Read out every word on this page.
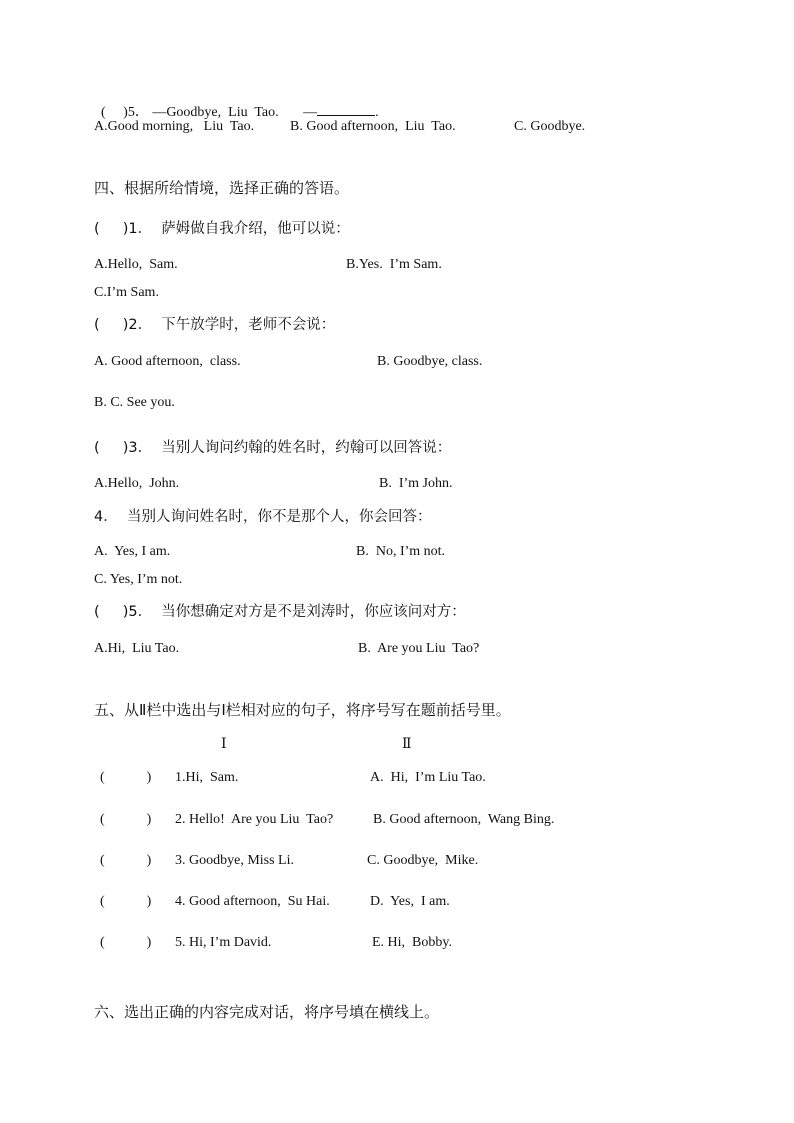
(     )5． —Goodbye,  Liu  Tao.       —	.

A.Good morning,   Liu  Tao.	B. Good afternoon,  Liu  Tao.	C. Goodbye.
四、根据所给情境，选择正确的答语。
(     )1．  萨姆做自我介绍，他可以说：
A.Hello,  Sam.	B.Yes.  I’m Sam.
C.I’m Sam.
(     )2．  下午放学时，老师不会说：
A. Good afternoon,  class.	B. Goodbye, class.
B. C. See you.
(     )3．  当别人询问约翰的姓名时，约翰可以回答说：
A.Hello,  John.	B.  I’m John.
4．  当别人询问姓名时，你不是那个人，你会回答：
A.  Yes, I am.	B.  No, I’m not.
C. Yes, I’m not.
(     )5．  当你想确定对方是不是刘涛时，你应该问对方：
A.Hi,  Liu Tao.	B.  Are you Liu  Tao?
五、从Ⅱ栏中选出与Ⅰ栏相对应的句子，将序号写在题前括号里。
Ⅰ	Ⅱ
(            ) 1.Hi,  Sam.	A.  Hi,  I’m Liu Tao.
(            ) 2. Hello!  Are you Liu  Tao?	B. Good afternoon,  Wang Bing.
(            ) 3. Goodbye, Miss Li.	C. Goodbye,  Mike.
(            ) 4. Good afternoon,  Su Hai.	D.  Yes,  I am.
(            ) 5. Hi, I’m David.	E. Hi,  Bobby.
六、选出正确的内容完成对话，将序号填在横线上。
